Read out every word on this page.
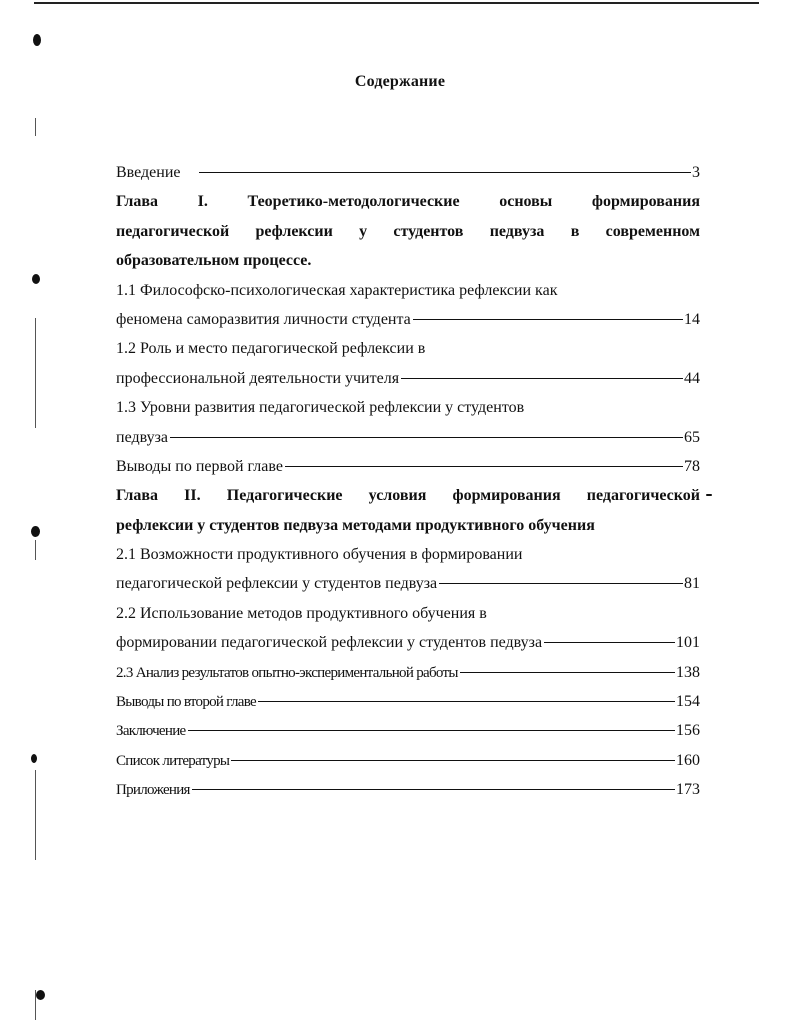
Содержание
Введение	3
Глава I. Теоретико-методологические основы формирования
педагогической рефлексии у студентов педвуза в современном
образовательном процессе.
1.1 Философско-психологическая характеристика рефлексии как
феномена саморазвития личности студента	14
1.2 Роль и место педагогической рефлексии в
профессиональной деятельности учителя	44
1.3 Уровни развития педагогической рефлексии у студентов
педвуза	65
Выводы по первой главе	78
Глава II. Педагогические условия формирования педагогической
рефлексии у студентов педвуза методами продуктивного обучения
2.1 Возможности продуктивного обучения в формировании
педагогической рефлексии у студентов педвуза	81
2.2 Использование методов продуктивного обучения в
формировании педагогической рефлексии у студентов педвуза	101
2.3 Анализ результатов опытно-экспериментальной работы	138
Выводы по второй главе	154
Заключение	156
Список литературы	160
Приложения	173
